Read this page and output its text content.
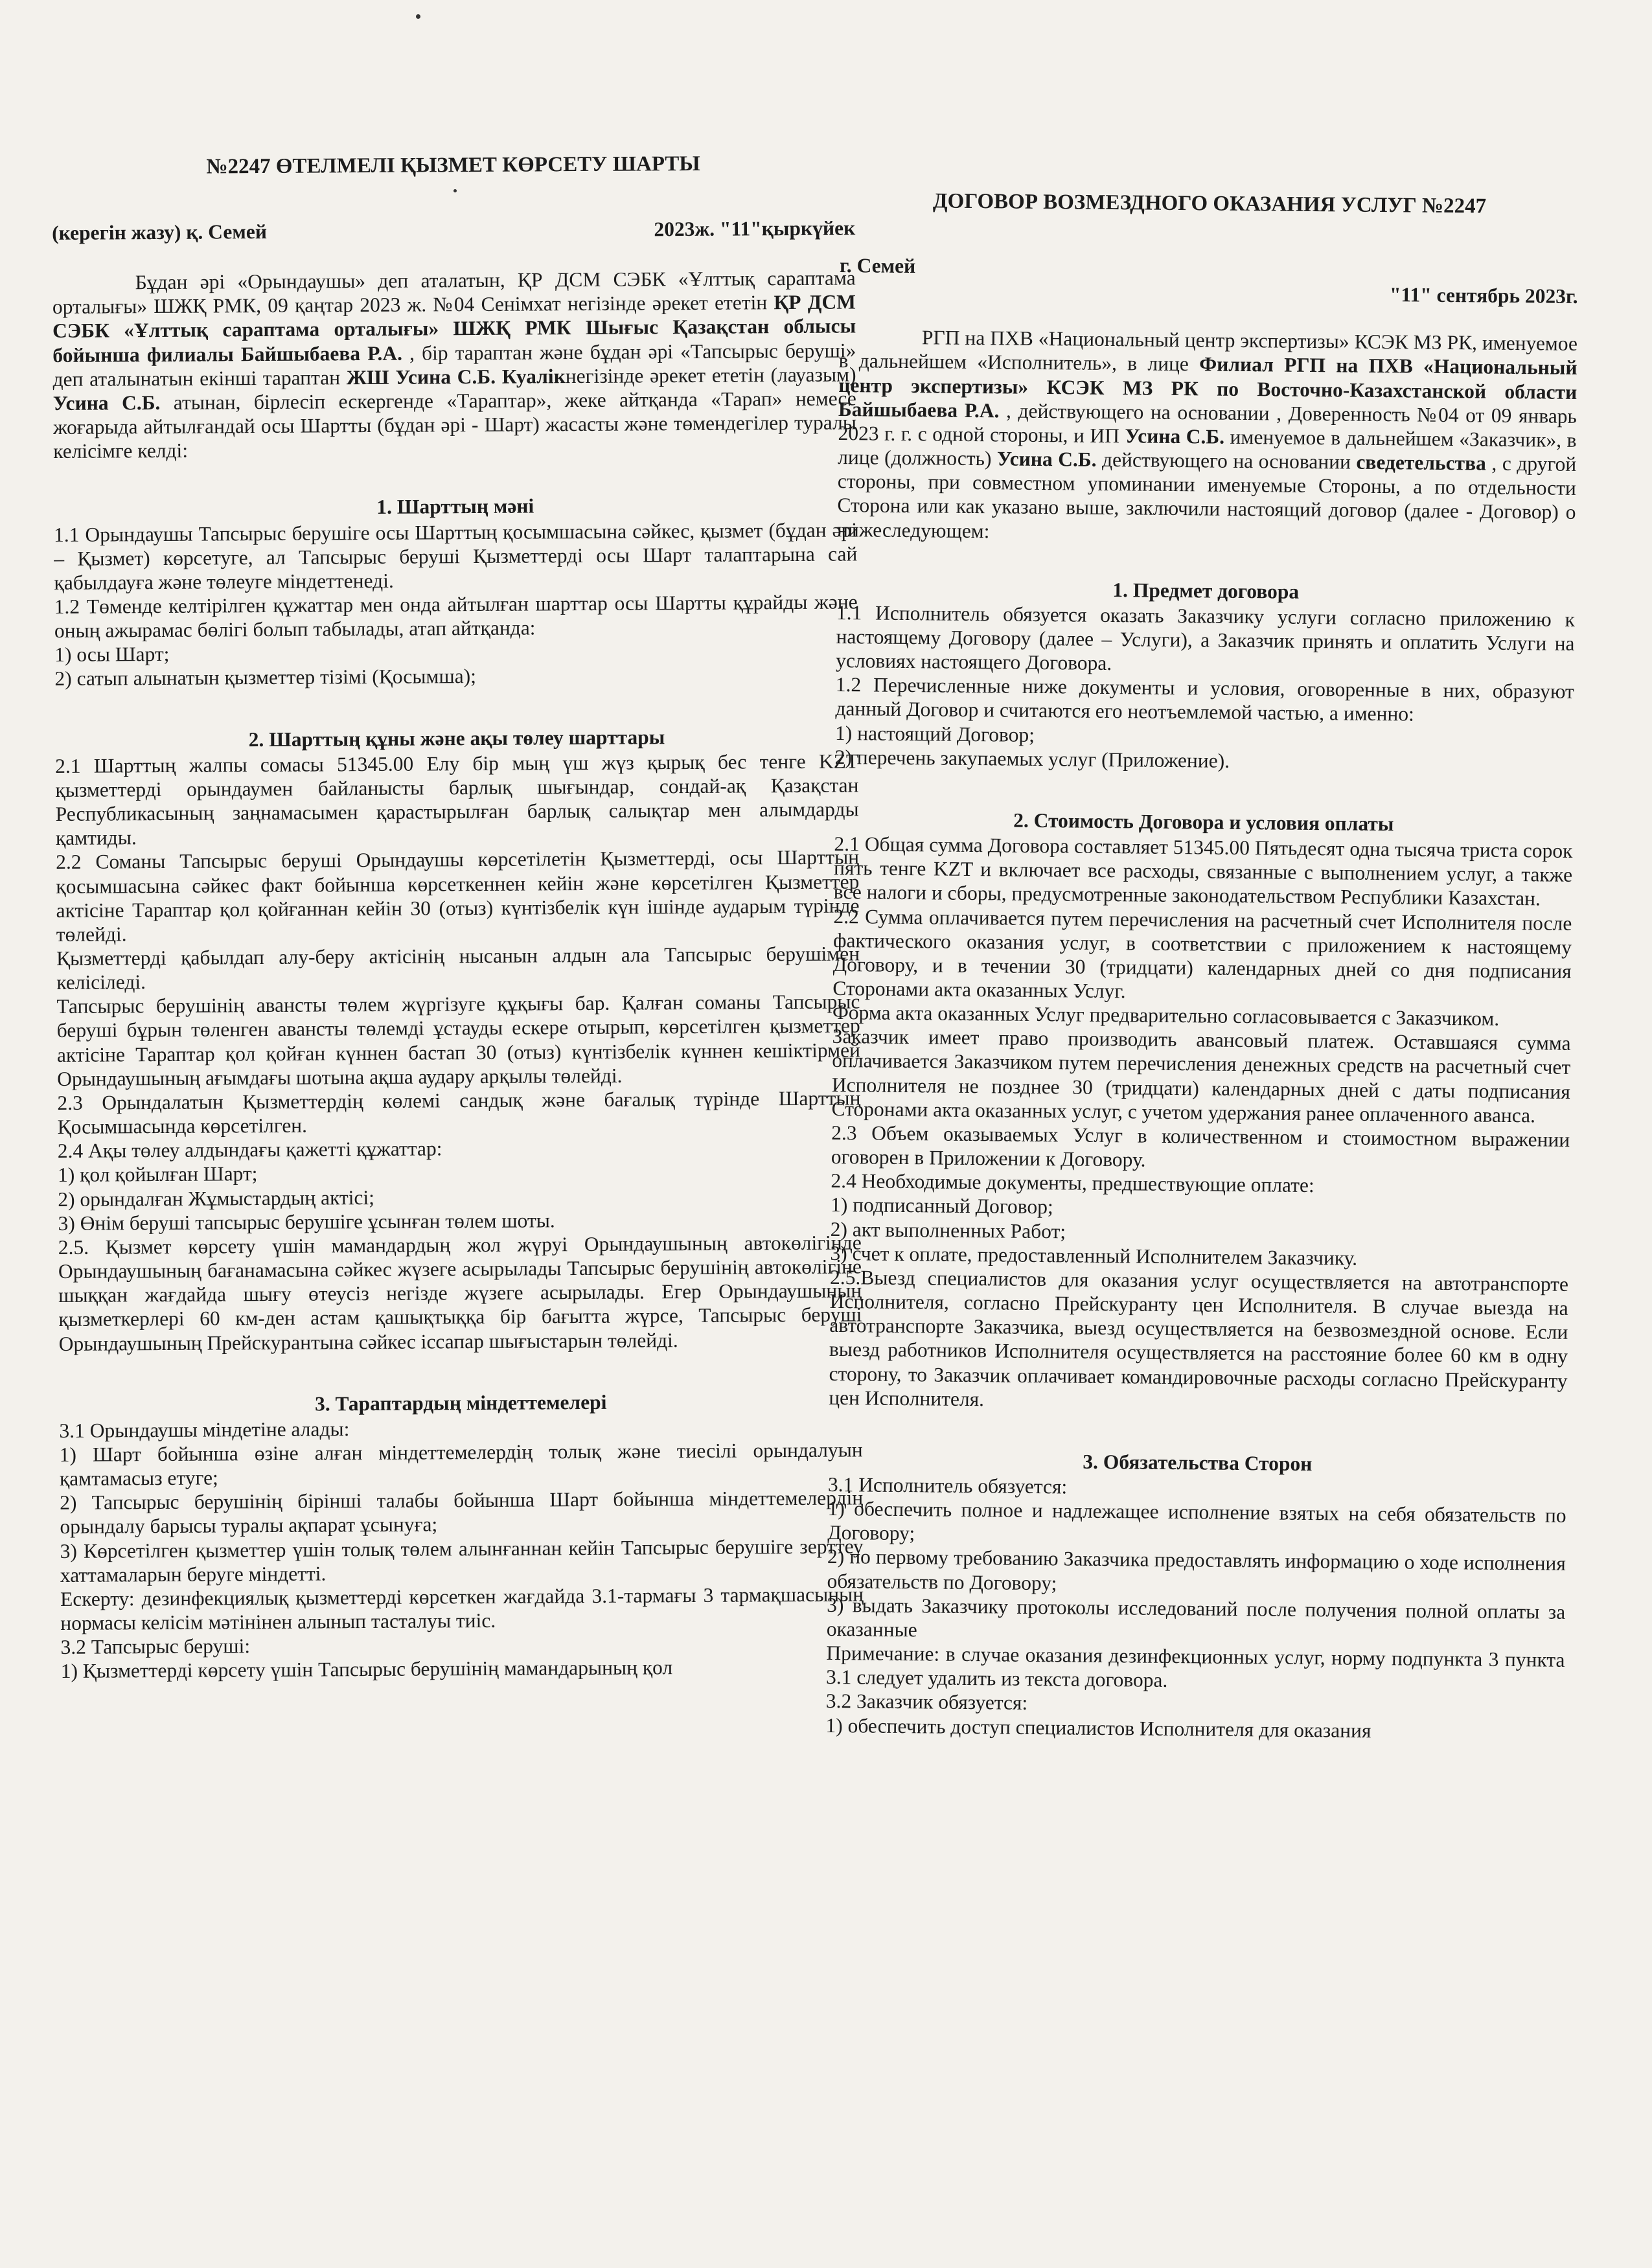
№2247 ӨТЕЛМЕЛІ ҚЫЗМЕТ КӨРСЕТУ ШАРТЫ
(керегін жазу) қ. Семей	2023ж. "11"қыркүйек

Бұдан әрі «Орындаушы» деп аталатын, ҚР ДСМ СЭБК «Ұлттық сараптама орталығы» ШЖҚ РМК, 09 қаңтар 2023 ж. №04 Сенімхат негізінде әрекет ететін ҚР ДСМ СЭБК «Ұлттық сараптама орталығы» ШЖҚ РМК Шығыс Қазақстан облысы бойынша филиалы Байшыбаева Р.А. , бір тараптан және бұдан әрі «Тапсырыс беруші» деп аталынатын екінші тараптан ЖШ Усина С.Б. Куалікнегізінде әрекет ететін (лауазым) Усина С.Б. атынан, бірлесіп ескергенде «Тараптар», жеке айтқанда «Тарап» немесе жоғарыда айтылғандай осы Шартты (бұдан әрі - Шарт) жасасты және төмендегілер туралы келісімге келді:

1. Шарттың мәні

1.1 Орындаушы Тапсырыс берушіге осы Шарттың қосымшасына сәйкес, қызмет (бұдан әрі – Қызмет) көрсетуге, ал Тапсырыс беруші Қызметтерді осы Шарт талаптарына сай қабылдауға және төлеуге міндеттенеді.

1.2 Төменде келтірілген құжаттар мен онда айтылған шарттар осы Шартты құрайды және оның ажырамас бөлігі болып табылады, атап айтқанда:

1) осы Шарт;

2) сатып алынатын қызметтер тізімі (Қосымша);

2. Шарттың құны және ақы төлеу шарттары

2.1 Шарттың жалпы сомасы 51345.00 Елу бір мың үш жүз қырық бес тенге KZT қызметтерді орындаумен байланысты барлық шығындар, сондай-ақ Қазақстан Республикасының заңнамасымен қарастырылған барлық салықтар мен алымдарды қамтиды.

2.2 Соманы Тапсырыс беруші Орындаушы көрсетілетін Қызметтерді, осы Шарттың қосымшасына сәйкес факт бойынша көрсеткеннен кейін және көрсетілген Қызметтер актісіне Тараптар қол қойғаннан кейін 30 (отыз) күнтізбелік күн ішінде аударым түрінде төлейді.

Қызметтерді қабылдап алу-беру актісінің нысанын алдын ала Тапсырыс берушімен келісіледі.

Тапсырыс берушінің авансты төлем жүргізуге құқығы бар. Қалған соманы Тапсырыс беруші бұрын төленген авансты төлемді ұстауды ескере отырып, көрсетілген қызметтер актісіне Тараптар қол қойған күннен бастап 30 (отыз) күнтізбелік күннен кешіктірмей Орындаушының ағымдағы шотына ақша аудару арқылы төлейді.

2.3 Орындалатын Қызметтердің көлемі сандық және бағалық түрінде Шарттың Қосымшасында көрсетілген.

2.4 Ақы төлеу алдындағы қажетті құжаттар:

1) қол қойылған Шарт;

2) орындалған Жұмыстардың актісі;

3) Өнім беруші тапсырыс берушіге ұсынған төлем шоты.

2.5. Қызмет көрсету үшін мамандардың жол жүруі Орындаушының автокөлігінде Орындаушының бағанамасына сәйкес жүзеге асырылады Тапсырыс берушінің автокөлігіне шыққан жағдайда шығу өтеусіз негізде жүзеге асырылады. Егер Орындаушының қызметкерлері 60 км-ден астам қашықтыққа бір бағытта жүрсе, Тапсырыс беруші Орындаушының Прейскурантына сәйкес іссапар шығыстарын төлейді.

3. Тараптардың міндеттемелері

3.1 Орындаушы міндетіне алады:

1) Шарт бойынша өзіне алған міндеттемелердің толық және тиесілі орындалуын қамтамасыз етуге;

2) Тапсырыс берушінің бірінші талабы бойынша Шарт бойынша міндеттемелердің орындалу барысы туралы ақпарат ұсынуға;

3) Көрсетілген қызметтер үшін толық төлем алынғаннан кейін Тапсырыс берушіге зерттеу хаттамаларын беруге міндетті.

Ескерту: дезинфекциялық қызметтерді көрсеткен жағдайда 3.1-тармағы 3 тармақшасының нормасы келісім мәтінінен алынып тасталуы тиіс.

3.2 Тапсырыс беруші:

1) Қызметтерді көрсету үшін Тапсырыс берушінің мамандарының қол

ДОГОВОР ВОЗМЕЗДНОГО ОКАЗАНИЯ УСЛУГ №2247
г. Семей
"11" сентябрь 2023г.

РГП на ПХВ «Национальный центр экспертизы» КСЭК МЗ РК, именуемое в дальнейшем «Исполнитель», в лице Филиал РГП на ПХВ «Национальный центр экспертизы» КСЭК МЗ РК по Восточно-Казахстанской области Байшыбаева Р.А. , действующего на основании , Доверенность №04 от 09 январь 2023 г. г. с одной стороны, и ИП Усина С.Б. именуемое в дальнейшем «Заказчик», в лице (должность) Усина С.Б. действующего на основании сведетельства , с другой стороны, при совместном упоминании именуемые Стороны, а по отдельности Сторона или как указано выше, заключили настоящий договор (далее - Договор) о нижеследующем:

1. Предмет договора

1.1 Исполнитель обязуется оказать Заказчику услуги согласно приложению к настоящему Договору (далее – Услуги), а Заказчик принять и оплатить Услуги на условиях настоящего Договора.

1.2 Перечисленные ниже документы и условия, оговоренные в них, образуют данный Договор и считаются его неотъемлемой частью, а именно:

1) настоящий Договор;

2) перечень закупаемых услуг (Приложение).

2. Стоимость Договора и условия оплаты

2.1 Общая сумма Договора составляет 51345.00 Пятьдесят одна тысяча триста сорок пять тенге KZT и включает все расходы, связанные с выполнением услуг, а также все налоги и сборы, предусмотренные законодательством Республики Казахстан.

2.2 Сумма оплачивается путем перечисления на расчетный счет Исполнителя после фактического оказания услуг, в соответствии с приложением к настоящему Договору, и в течении 30 (тридцати) календарных дней со дня подписания Сторонами акта оказанных Услуг.

Форма акта оказанных Услуг предварительно согласовывается с Заказчиком.

Заказчик имеет право производить авансовый платеж. Оставшаяся сумма оплачивается Заказчиком путем перечисления денежных средств на расчетный счет Исполнителя не позднее 30 (тридцати) календарных дней с даты подписания Сторонами акта оказанных услуг, с учетом удержания ранее оплаченного аванса.

2.3 Объем оказываемых Услуг в количественном и стоимостном выражении оговорен в Приложении к Договору.

2.4 Необходимые документы, предшествующие оплате:

1) подписанный Договор;

2) акт выполненных Работ;

3) счет к оплате, предоставленный Исполнителем Заказчику.

2.5.Выезд специалистов для оказания услуг осуществляется на автотранспорте Исполнителя, согласно Прейскуранту цен Исполнителя. В случае выезда на автотранспорте Заказчика, выезд осуществляется на безвозмездной основе. Если выезд работников Исполнителя осуществляется на расстояние более 60 км в одну сторону, то Заказчик оплачивает командировочные расходы согласно Прейскуранту цен Исполнителя.

3. Обязательства Сторон

3.1 Исполнитель обязуется:

1) обеспечить полное и надлежащее исполнение взятых на себя обязательств по Договору;

2) по первому требованию Заказчика предоставлять информацию о ходе исполнения обязательств по Договору;

3) выдать Заказчику протоколы исследований после получения полной оплаты за оказанные

Примечание: в случае оказания дезинфекционных услуг, норму подпункта 3 пункта 3.1 следует удалить из текста договора.

3.2 Заказчик обязуется:

1) обеспечить доступ специалистов Исполнителя для оказания
